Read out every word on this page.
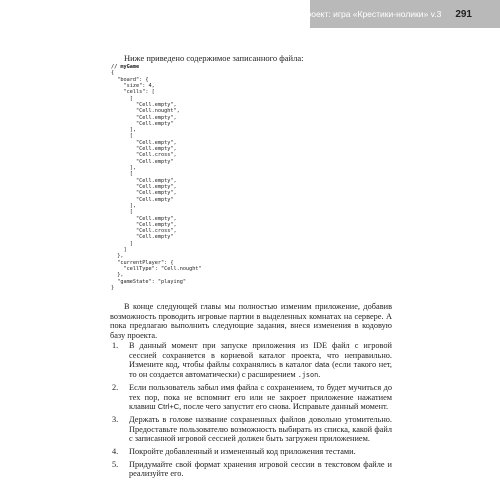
Проект: игра «Крестики-нолики» v.3 291
Ниже приведено содержимое записанного файла:
// myGame
{
"board": {
"size": 4,
"cells": [
[
"Cell.empty",
"Cell.nought",
"Cell.empty",
"Cell.empty"
],
[
"Cell.empty",
"Cell.empty",
"Cell.cross",
"Cell.empty"
],
[
"Cell.empty",
"Cell.empty",
"Cell.empty",
"Cell.empty"
],
[
"Cell.empty",
"Cell.empty",
"Cell.cross",
"Cell.empty"
]
]
},
"currentPlayer": {
"cellType": "Cell.nought"
},
"gameState": "playing"
}

В конце следующей главы мы полностью изменим приложение, добавив возможность проводить игровые партии в выделенных комнатах на сервере. А пока предлагаю выполнить следующие задания, внеся изменения в кодовую базу проекта.

1. В данный момент при запуске приложения из IDE файл с игровой сессией сохраняется в корневой каталог проекта, что неправильно. Измените код, чтобы файлы сохранялись в каталог data (если такого нет, то он создается автоматически) с расширением .json.
2. Если пользователь забыл имя файла с сохранением, то будет мучиться до тех пор, пока не вспомнит его или не закроет приложение нажатием клавиш Ctrl+C, после чего запустит его снова. Исправьте данный момент.
3. Держать в голове название сохраненных файлов довольно утомительно. Предоставьте пользователю возможность выбирать из списка, какой файл с записанной игровой сессией должен быть загружен приложением.
4. Покройте добавленный и измененный код приложения тестами.
5. Придумайте свой формат хранения игровой сессии в текстовом файле и реализуйте его.
